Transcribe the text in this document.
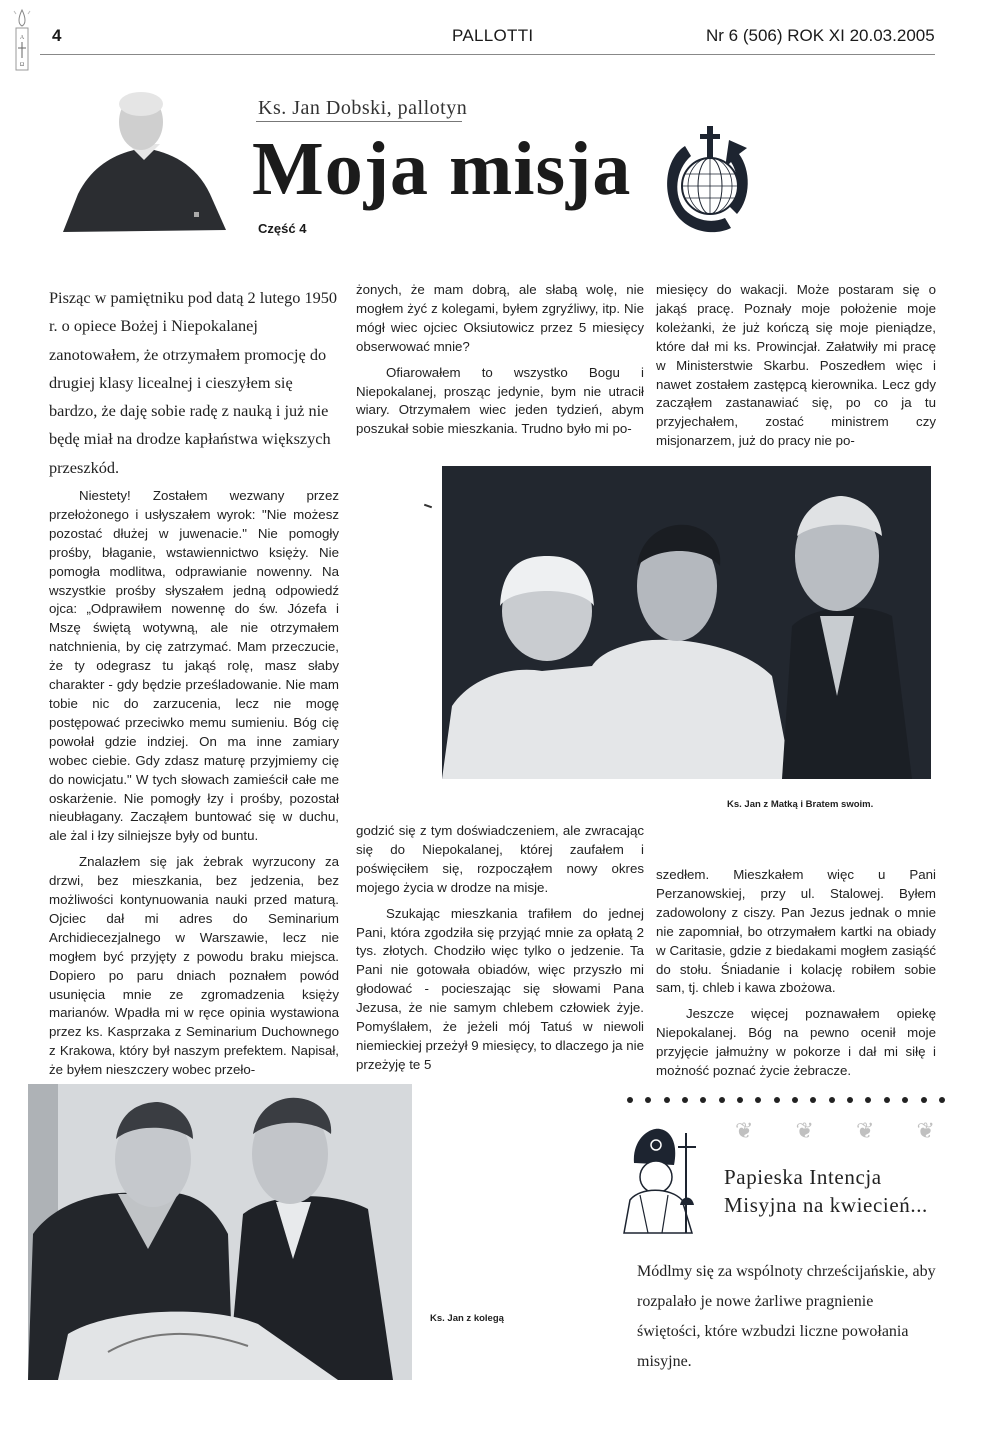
A
Ω
4	PALLOTTI	Nr 6 (506) ROK XI 20.03.2005
Ks. Jan Dobski, pallotyn
Moja misja
Część 4
Pisząc w pamiętniku pod datą 2 lutego 1950 r. o opiece Bożej i Niepokalanej zanotowałem, że otrzymałem promocję do drugiej klasy licealnej i cieszyłem się bardzo, że daję sobie radę z nauką i już nie będę miał na drodze kapłaństwa większych przeszkód.

Niestety! Zostałem wezwany przez przełożonego i usłyszałem wyrok: "Nie możesz pozostać dłużej w juwenacie." Nie pomogły prośby, błaganie, wstawiennictwo księży. Nie pomogła modlitwa, odprawianie nowenny. Na wszystkie prośby słyszałem jedną odpowiedź ojca: „Odprawiłem nowennę do św. Józefa i Mszę świętą wotywną, ale nie otrzymałem natchnienia, by cię zatrzymać. Mam przeczucie, że ty odegrasz tu jakąś rolę, masz słaby charakter - gdy będzie prześladowanie. Nie mam tobie nic do zarzucenia, lecz nie mogę postępować przeciwko memu sumieniu. Bóg cię powołał gdzie indziej. On ma inne zamiary wobec ciebie. Gdy zdasz maturę przyjmiemy cię do nowicjatu." W tych słowach zamieścił całe me oskarżenie. Nie pomogły łzy i prośby, pozostał nieubłagany. Zacząłem buntować się w duchu, ale żal i łzy silniejsze były od buntu.

Znalazłem się jak żebrak wyrzucony za drzwi, bez mieszkania, bez jedzenia, bez możliwości kontynuowania nauki przed maturą. Ojciec dał mi adres do Seminarium Archidiecezjalnego w Warszawie, lecz nie mogłem być przyjęty z powodu braku miejsca. Dopiero po paru dniach poznałem powód usunięcia mnie ze zgromadzenia księży marianów. Wpadła mi w ręce opinia wystawiona przez ks. Kasprzaka z Seminarium Duchownego z Krakowa, który był naszym prefektem. Napisał, że byłem nieszczery wobec przeło-

żonych, że mam dobrą, ale słabą wolę, nie mogłem żyć z kolegami, byłem zgryźliwy, itp. Nie mógł wiec ojciec Oksiutowicz przez 5 miesięcy obserwować mnie?

Ofiarowałem to wszystko Bogu i Niepokalanej, prosząc jedynie, bym nie utracił wiary. Otrzymałem wiec jeden tydzień, abym poszukał sobie mieszkania. Trudno było mi po-

godzić się z tym doświadczeniem, ale zwracając się do Niepokalanej, której zaufałem i poświęciłem się, rozpocząłem nowy okres mojego życia w drodze na misje.

Szukając mieszkania trafiłem do jednej Pani, która zgodziła się przyjąć mnie za opłatą 2 tys. złotych. Chodziło więc tylko o jedzenie. Ta Pani nie gotowała obiadów, więc przyszło mi głodować - pocieszając się słowami Pana Jezusa, że nie samym chlebem człowiek żyje. Pomyślałem, że jeżeli mój Tatuś w niewoli niemieckiej przeżył 9 miesięcy, to dlaczego ja nie przeżyję te 5

miesięcy do wakacji. Może postaram się o jakąś pracę. Poznały moje położenie moje koleżanki, że już kończą się moje pieniądze, które dał mi ks. Prowincjał. Załatwiły mi pracę w Ministerstwie Skarbu. Poszedłem więc i nawet zostałem zastępcą kierownika. Lecz gdy zacząłem zastanawiać się, po co ja tu przyjechałem, zostać ministrem czy misjonarzem, już do pracy nie po-

szedłem. Mieszkałem więc u Pani Perzanowskiej, przy ul. Stalowej. Byłem zadowolony z ciszy. Pan Jezus jednak o mnie nie zapomniał, bo otrzymałem kartki na obiady w Caritasie, gdzie z biedakami mogłem zasiąść do stołu. Śniadanie i kolację robiłem sobie sam, tj. chleb i kawa zbożowa.

Jeszcze więcej poznawałem opiekę Niepokalanej. Bóg na pewno ocenił moje przyjęcie jałmużny w pokorze i dał mi siłę i możność poznać życie żebracze.

Ks. Jan z Matką i Bratem swoim.
Ks. Jan z kolegą
❦ ❦ ❦ ❦
Papieska Intencja
Misyjna na kwiecień...
Módlmy się za wspólnoty chrześcijańskie, aby rozpalało je nowe żarliwe pragnienie świętości, które wzbudzi liczne powołania misyjne.
